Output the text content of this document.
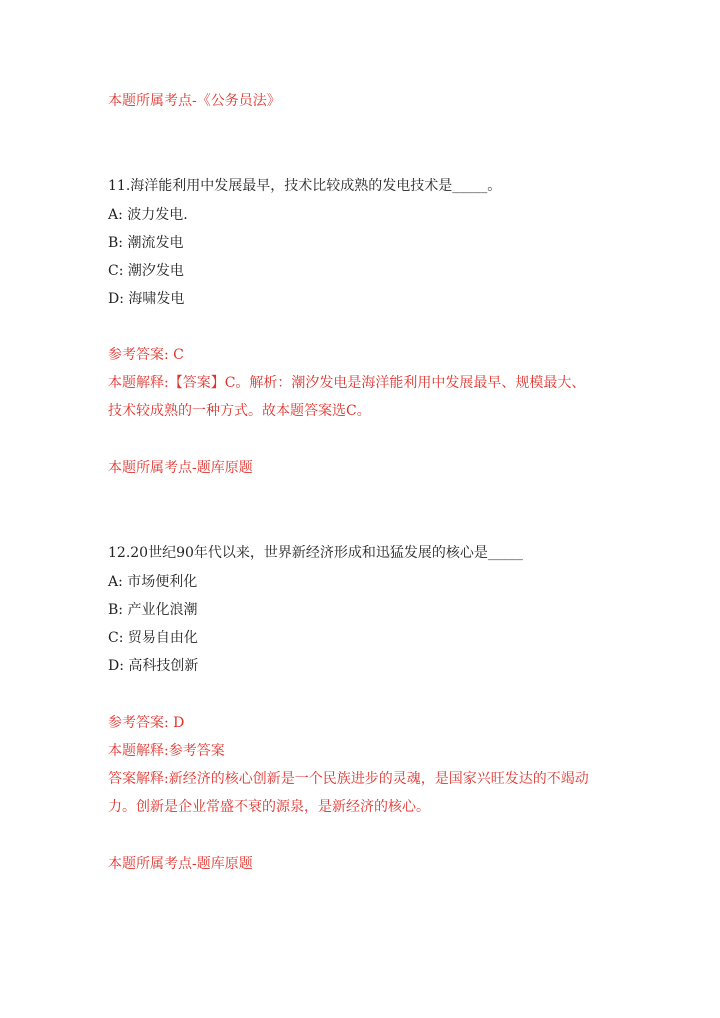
本题所属考点-《公务员法》
11.海洋能利用中发展最早，技术比较成熟的发电技术是_____。
A: 波力发电.
B: 潮流发电
C: 潮汐发电
D: 海啸发电
参考答案: C
本题解释:【答案】C。解析：潮汐发电是海洋能利用中发展最早、规模最大、
技术较成熟的一种方式。故本题答案选C。
本题所属考点-题库原题
12.20世纪90年代以来，世界新经济形成和迅猛发展的核心是_____
A: 市场便利化
B: 产业化浪潮
C: 贸易自由化
D: 高科技创新
参考答案: D
本题解释:参考答案
答案解释:新经济的核心创新是一个民族进步的灵魂，是国家兴旺发达的不竭动
力。创新是企业常盛不衰的源泉，是新经济的核心。
本题所属考点-题库原题
